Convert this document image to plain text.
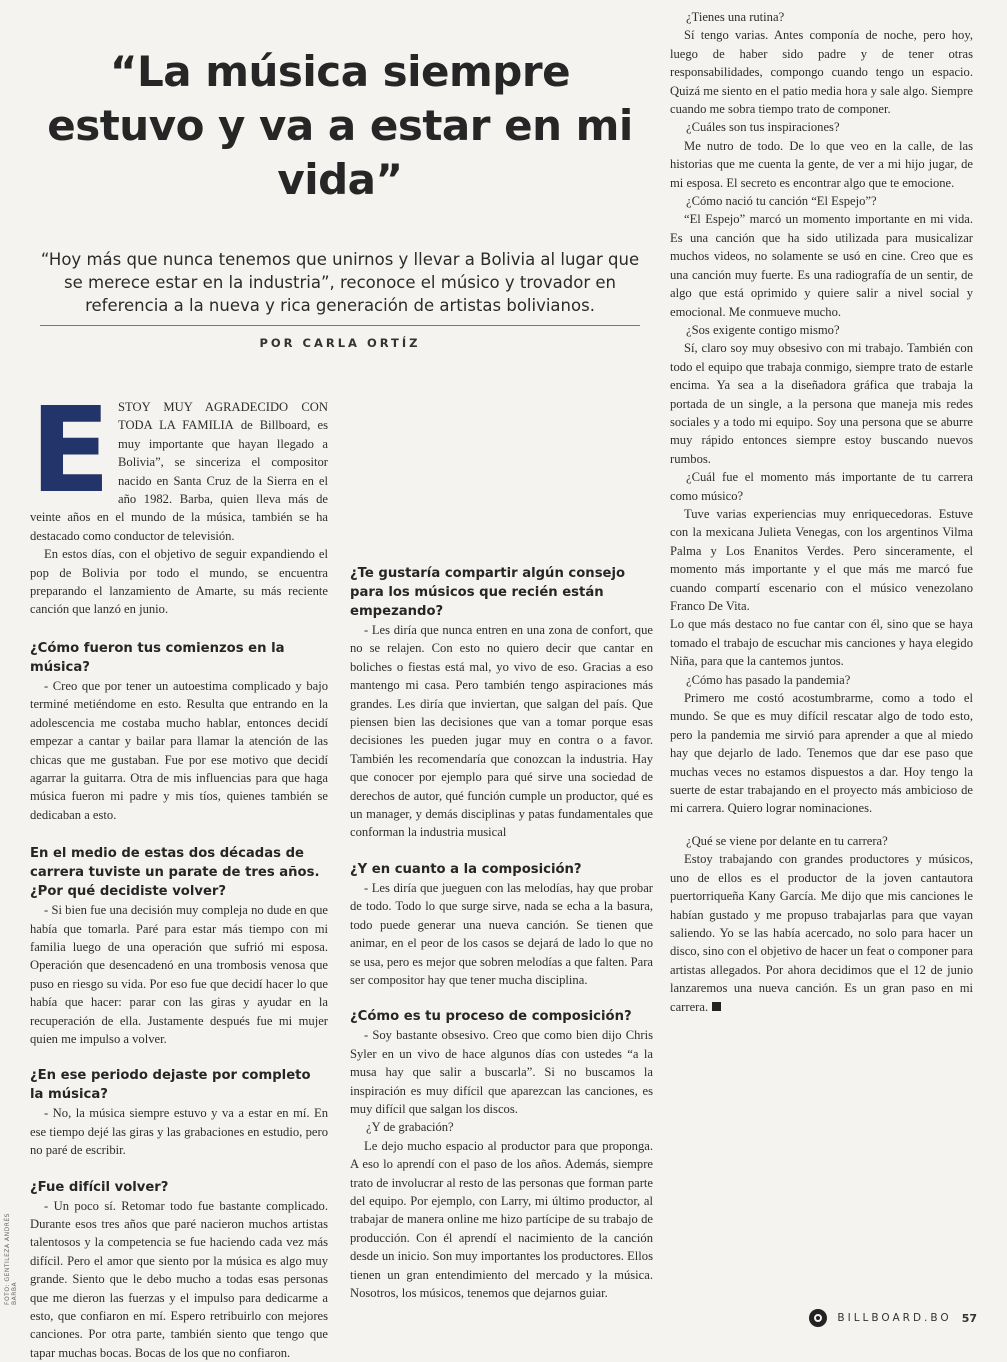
“La música siempre estuvo y va a estar en mi vida”
“Hoy más que nunca tenemos que unirnos y llevar a Bolivia al lugar que se merece estar en la industria”, reconoce el músico y trovador en referencia a la nueva y rica generación de artistas bolivianos.
POR CARLA ORTÍZ
E STOY MUY AGRADECIDO CON TODA LA FAMILIA de Billboard, es muy importante que hayan llegado a Bolivia”, se sinceriza el compositor nacido en Santa Cruz de la Sierra en el año 1982. Barba, quien lleva más de veinte años en el mundo de la música, también se ha destacado como conductor de televisión.

En estos días, con el objetivo de seguir expandiendo el pop de Bolivia por todo el mundo, se encuentra preparando el lanzamiento de Amarte, su más reciente canción que lanzó en junio.

¿Cómo fueron tus comienzos en la música?

- Creo que por tener un autoestima complicado y bajo terminé metiéndome en esto. Resulta que entrando en la adolescencia me costaba mucho hablar, entonces decidí empezar a cantar y bailar para llamar la atención de las chicas que me gustaban. Fue por ese motivo que decidí agarrar la guitarra. Otra de mis influencias para que haga música fueron mi padre y mis tíos, quienes también se dedicaban a esto.

En el medio de estas dos décadas de carrera tuviste un parate de tres años. ¿Por qué decidiste volver?

- Si bien fue una decisión muy compleja no dude en que había que tomarla. Paré para estar más tiempo con mi familia luego de una operación que sufrió mi esposa. Operación que desencadenó en una trombosis venosa que puso en riesgo su vida. Por eso fue que decidí hacer lo que había que hacer: parar con las giras y ayudar en la recuperación de ella. Justamente después fue mi mujer quien me impulso a volver.

¿En ese periodo dejaste por completo la música?

- No, la música siempre estuvo y va a estar en mí. En ese tiempo dejé las giras y las grabaciones en estudio, pero no paré de escribir.

¿Fue difícil volver?

- Un poco sí. Retomar todo fue bastante complicado. Durante esos tres años que paré nacieron muchos artistas talentosos y la competencia se fue haciendo cada vez más difícil. Pero el amor que siento por la música es algo muy grande. Siento que le debo mucho a todas esas personas que me dieron las fuerzas y el impulso para dedicarme a esto, que confiaron en mí. Espero retribuirlo con mejores canciones. Por otra parte, también siento que tengo que tapar muchas bocas. Bocas de los que no confiaron.

¿Te gustaría compartir algún consejo para los músicos que recién están empezando?

- Les diría que nunca entren en una zona de confort, que no se relajen. Con esto no quiero decir que cantar en boliches o fiestas está mal, yo vivo de eso. Gracias a eso mantengo mi casa. Pero también tengo aspiraciones más grandes. Les diría que inviertan, que salgan del país. Que piensen bien las decisiones que van a tomar porque esas decisiones les pueden jugar muy en contra o a favor. También les recomendaría que conozcan la industria. Hay que conocer por ejemplo para qué sirve una sociedad de derechos de autor, qué función cumple un productor, qué es un manager, y demás disciplinas y patas fundamentales que conforman la industria musical

¿Y en cuanto a la composición?

- Les diría que jueguen con las melodías, hay que probar de todo. Todo lo que surge sirve, nada se echa a la basura, todo puede generar una nueva canción. Se tienen que animar, en el peor de los casos se dejará de lado lo que no se usa, pero es mejor que sobren melodías a que falten. Para ser compositor hay que tener mucha disciplina.

¿Cómo es tu proceso de composición?

- Soy bastante obsesivo. Creo que como bien dijo Chris Syler en un vivo de hace algunos días con ustedes “a la musa hay que salir a buscarla”. Si no buscamos la inspiración es muy difícil que aparezcan las canciones, es muy difícil que salgan los discos.

¿Y de grabación?

Le dejo mucho espacio al productor para que proponga. A eso lo aprendí con el paso de los años. Además, siempre trato de involucrar al resto de las personas que forman parte del equipo. Por ejemplo, con Larry, mi último productor, al trabajar de manera online me hizo partícipe de su trabajo de producción. Con él aprendí el nacimiento de la canción desde un inicio. Son muy importantes los productores. Ellos tienen un gran entendimiento del mercado y la música. Nosotros, los músicos, tenemos que dejarnos guiar.

¿Tienes una rutina?

Sí tengo varias. Antes componía de noche, pero hoy, luego de haber sido padre y de tener otras responsabilidades, compongo cuando tengo un espacio. Quizá me siento en el patio media hora y sale algo. Siempre cuando me sobra tiempo trato de componer.

¿Cuáles son tus inspiraciones?

Me nutro de todo. De lo que veo en la calle, de las historias que me cuenta la gente, de ver a mi hijo jugar, de mi esposa. El secreto es encontrar algo que te emocione.

¿Cómo nació tu canción “El Espejo”?

“El Espejo” marcó un momento importante en mi vida. Es una canción que ha sido utilizada para musicalizar muchos videos, no solamente se usó en cine. Creo que es una canción muy fuerte. Es una radiografía de un sentir, de algo que está oprimido y quiere salir a nivel social y emocional. Me conmueve mucho.

¿Sos exigente contigo mismo?

Sí, claro soy muy obsesivo con mi trabajo. También con todo el equipo que trabaja conmigo, siempre trato de estarle encima. Ya sea a la diseñadora gráfica que trabaja la portada de un single, a la persona que maneja mis redes sociales y a todo mi equipo. Soy una persona que se aburre muy rápido entonces siempre estoy buscando nuevos rumbos.

¿Cuál fue el momento más importante de tu carrera como músico?

Tuve varias experiencias muy enriquecedoras. Estuve con la mexicana Julieta Venegas, con los argentinos Vilma Palma y Los Enanitos Verdes. Pero sinceramente, el momento más importante y el que más me marcó fue cuando compartí escenario con el músico venezolano Franco De Vita.

Lo que más destaco no fue cantar con él, sino que se haya tomado el trabajo de escuchar mis canciones y haya elegido Niña, para que la cantemos juntos.

¿Cómo has pasado la pandemia?

Primero me costó acostumbrarme, como a todo el mundo. Se que es muy difícil rescatar algo de todo esto, pero la pandemia me sirvió para aprender a que al miedo hay que dejarlo de lado. Tenemos que dar ese paso que muchas veces no estamos dispuestos a dar. Hoy tengo la suerte de estar trabajando en el proyecto más ambicioso de mi carrera. Quiero lograr nominaciones.

¿Qué se viene por delante en tu carrera?

Estoy trabajando con grandes productores y músicos, uno de ellos es el productor de la joven cantautora puertorriqueña Kany García. Me dijo que mis canciones le habían gustado y me propuso trabajarlas para que vayan saliendo. Yo se las había acercado, no solo para hacer un disco, sino con el objetivo de hacer un feat o componer para artistas allegados. Por ahora decidimos que el 12 de junio lanzaremos una nueva canción. Es un gran paso en mi carrera.

FOTO: GENTILEZA ANDRÉS BARBA
BILLBOARD.BO 57
